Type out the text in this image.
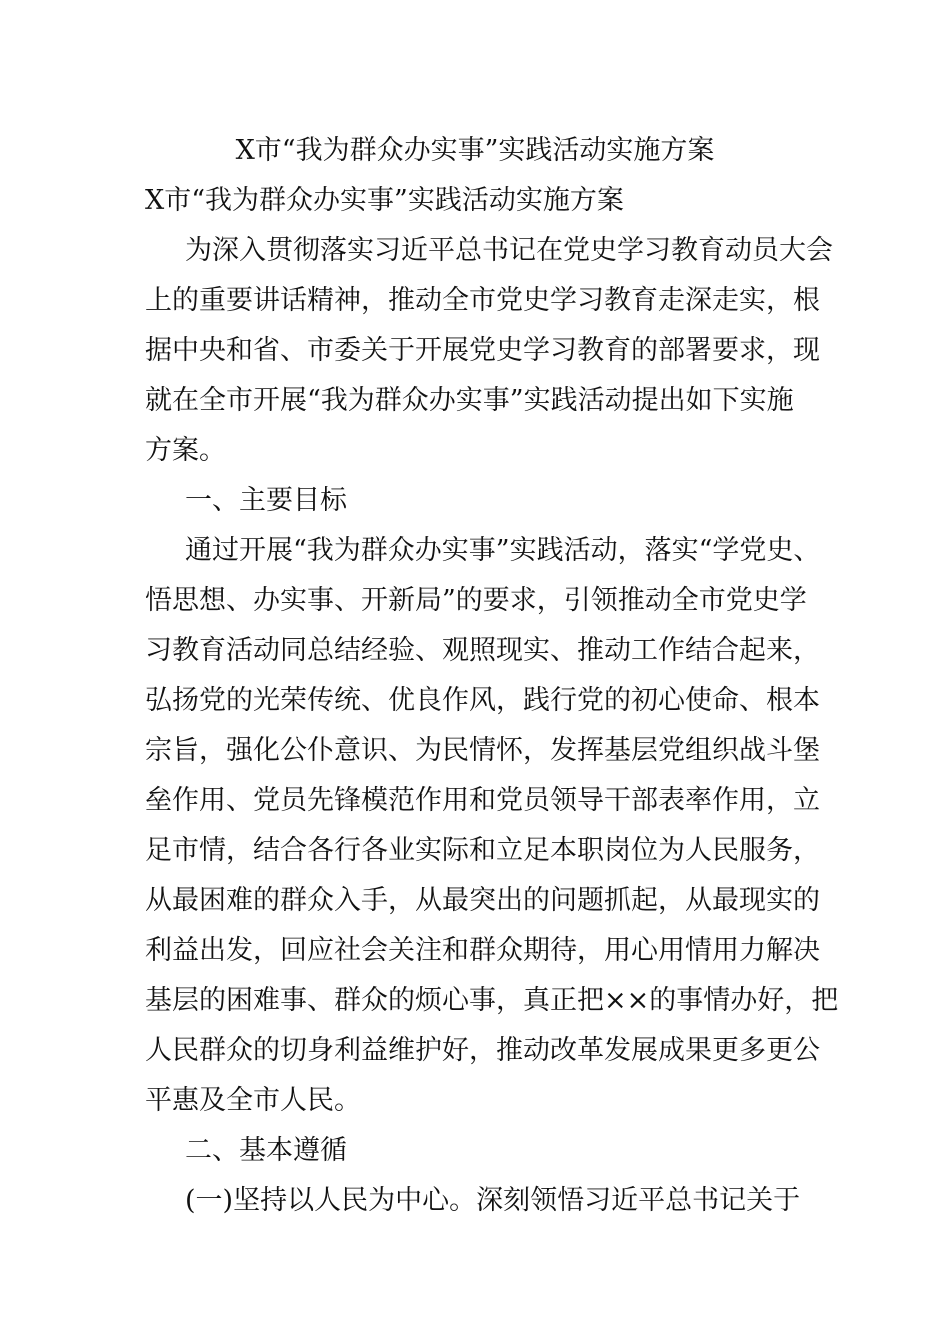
X市“我为群众办实事”实践活动实施方案
X市“我为群众办实事”实践活动实施方案
为深入贯彻落实习近平总书记在党史学习教育动员大会
上的重要讲话精神，推动全市党史学习教育走深走实，根
据中央和省、市委关于开展党史学习教育的部署要求，现
就在全市开展“我为群众办实事”实践活动提出如下实施
方案。
一、主要目标
通过开展“我为群众办实事”实践活动，落实“学党史、
悟思想、办实事、开新局”的要求，引领推动全市党史学
习教育活动同总结经验、观照现实、推动工作结合起来，
弘扬党的光荣传统、优良作风，践行党的初心使命、根本
宗旨，强化公仆意识、为民情怀，发挥基层党组织战斗堡
垒作用、党员先锋模范作用和党员领导干部表率作用，立
足市情，结合各行各业实际和立足本职岗位为人民服务，
从最困难的群众入手，从最突出的问题抓起，从最现实的
利益出发，回应社会关注和群众期待，用心用情用力解决
基层的困难事、群众的烦心事，真正把××的事情办好，把
人民群众的切身利益维护好，推动改革发展成果更多更公
平惠及全市人民。
二、基本遵循
(一)坚持以人民为中心。深刻领悟习近平总书记关于
